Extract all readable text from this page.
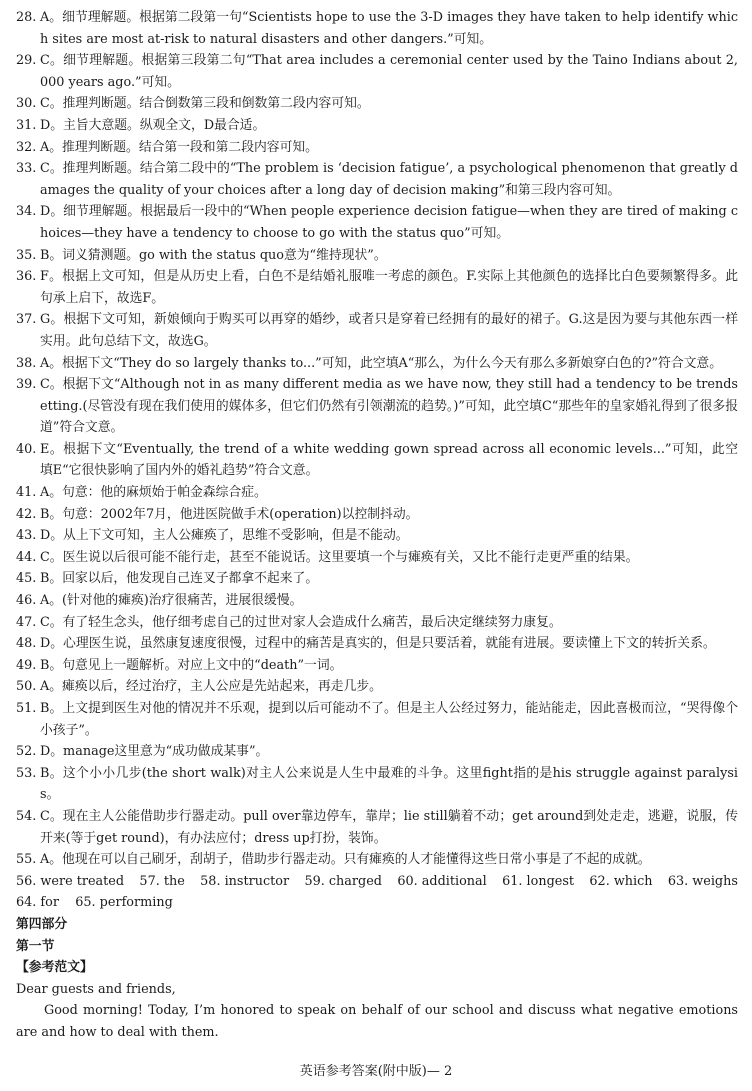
28. A。细节理解题。根据第二段第一句“Scientists hope to use the 3-D images they have taken to help identify which sites are most at-risk to natural disasters and other dangers.”可知。
29. C。细节理解题。根据第三段第二句“That area includes a ceremonial center used by the Taino Indians about 2,000 years ago.”可知。
30. C。推理判断题。结合倒数第三段和倒数第二段内容可知。
31. D。主旨大意题。纵观全文，D最合适。
32. A。推理判断题。结合第一段和第二段内容可知。
33. C。推理判断题。结合第二段中的“The problem is ‘decision fatigue’, a psychological phenomenon that greatly damages the quality of your choices after a long day of decision making”和第三段内容可知。
34. D。细节理解题。根据最后一段中的“When people experience decision fatigue—when they are tired of making choices—they have a tendency to choose to go with the status quo”可知。
35. B。词义猜测题。go with the status quo意为“维持现状”。
36. F。根据上文可知，但是从历史上看，白色不是结婚礼服唯一考虑的颜色。F.实际上其他颜色的选择比白色要频繁得多。此句承上启下，故选F。
37. G。根据下文可知，新娘倾向于购买可以再穿的婚纱，或者只是穿着已经拥有的最好的裙子。G.这是因为要与其他东西一样实用。此句总结下文，故选G。
38. A。根据下文“They do so largely thanks to...”可知，此空填A“那么，为什么今天有那么多新娘穿白色的?”符合文意。
39. C。根据下文“Although not in as many different media as we have now, they still had a tendency to be trendsetting.(尽管没有现在我们使用的媒体多，但它们仍然有引领潮流的趋势。)”可知，此空填C“那些年的皇家婚礼得到了很多报道”符合文意。
40. E。根据下文“Eventually, the trend of a white wedding gown spread across all economic levels...”可知，此空填E“它很快影响了国内外的婚礼趋势”符合文意。
41. A。句意：他的麻烦始于帕金森综合症。
42. B。句意：2002年7月，他进医院做手术(operation)以控制抖动。
43. D。从上下文可知，主人公瘫痪了，思维不受影响，但是不能动。
44. C。医生说以后很可能不能行走，甚至不能说话。这里要填一个与瘫痪有关，又比不能行走更严重的结果。
45. B。回家以后，他发现自己连叉子都拿不起来了。
46. A。(针对他的瘫痪)治疗很痛苦，进展很缓慢。
47. C。有了轻生念头，他仔细考虑自己的过世对家人会造成什么痛苦，最后决定继续努力康复。
48. D。心理医生说，虽然康复速度很慢，过程中的痛苦是真实的，但是只要活着，就能有进展。要读懂上下文的转折关系。
49. B。句意见上一题解析。对应上文中的“death”一词。
50. A。瘫痪以后，经过治疗，主人公应是先站起来，再走几步。
51. B。上文提到医生对他的情况并不乐观，提到以后可能动不了。但是主人公经过努力，能站能走，因此喜极而泣，“哭得像个小孩子”。
52. D。manage这里意为“成功做成某事”。
53. B。这个小小几步(the short walk)对主人公来说是人生中最难的斗争。这里fight指的是his struggle against paralysis。
54. C。现在主人公能借助步行器走动。pull over靠边停车，靠岸；lie still躺着不动；get around到处走走，逃避，说服，传开来(等于get round)，有办法应付；dress up打扮，装饰。
55. A。他现在可以自己刷牙，刮胡子，借助步行器走动。只有瘫痪的人才能懂得这些日常小事是了不起的成就。
56. were treated 57. the 58. instructor 59. charged 60. additional 61. longest 62. which 63. weighs
64. for 65. performing
第四部分
第一节
【参考范文】
Dear guests and friends,
Good morning! Today, I’m honored to speak on behalf of our school and discuss what negative emotions are and how to deal with them.
英语参考答案(附中版)— 2
